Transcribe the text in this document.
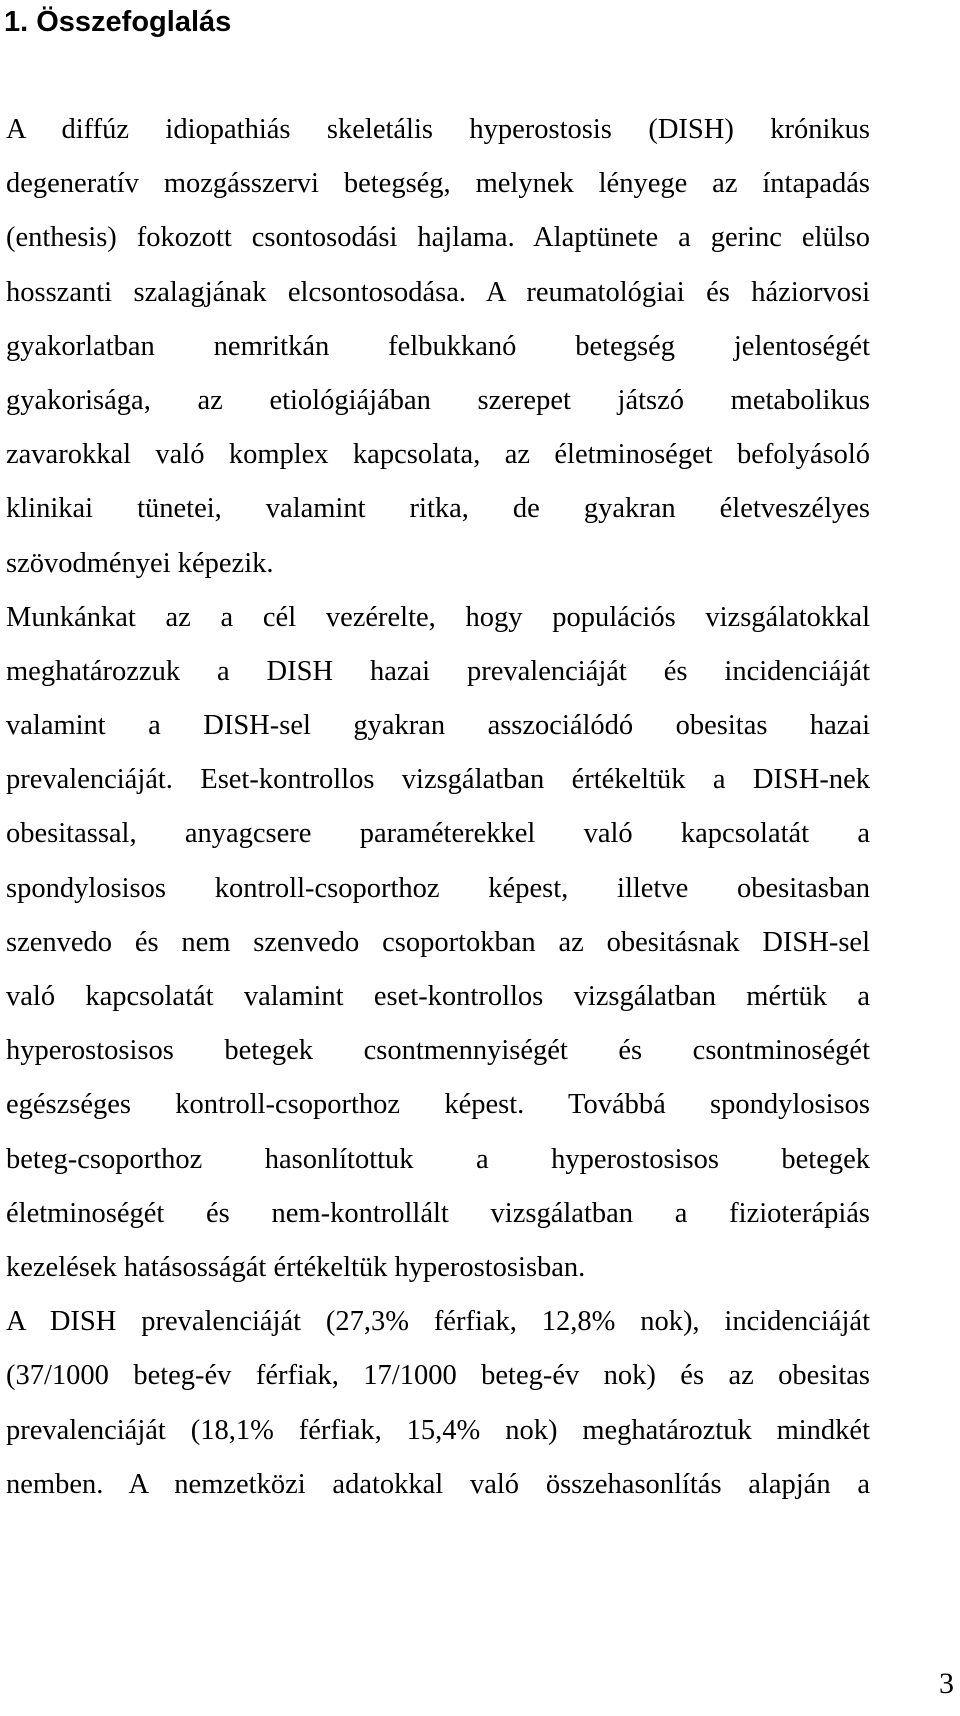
1. Összefoglalás
A diffúz idiopathiás skeletális hyperostosis (DISH) krónikus
degeneratív mozgásszervi betegség, melynek lényege az íntapadás
(enthesis) fokozott csontosodási hajlama. Alaptünete a gerinc elülso
hosszanti szalagjának elcsontosodása. A reumatológiai és háziorvosi
gyakorlatban nemritkán felbukkanó betegség jelentoségét
gyakorisága, az etiológiájában szerepet játszó metabolikus
zavarokkal való komplex kapcsolata, az életminoséget befolyásoló
klinikai tünetei, valamint ritka, de gyakran életveszélyes
szövodményei képezik.
Munkánkat az a cél vezérelte, hogy populációs vizsgálatokkal
meghatározzuk a DISH hazai prevalenciáját és incidenciáját
valamint a DISH-sel gyakran asszociálódó obesitas hazai
prevalenciáját. Eset-kontrollos vizsgálatban értékeltük a DISH-nek
obesitassal, anyagcsere paraméterekkel való kapcsolatát a
spondylosisos kontroll-csoporthoz képest, illetve obesitasban
szenvedo és nem szenvedo csoportokban az obesitásnak DISH-sel
való kapcsolatát valamint eset-kontrollos vizsgálatban mértük a
hyperostosisos betegek csontmennyiségét és csontminoségét
egészséges kontroll-csoporthoz képest. Továbbá spondylosisos
beteg-csoporthoz hasonlítottuk a hyperostosisos betegek
életminoségét és nem-kontrollált vizsgálatban a fizioterápiás
kezelések hatásosságát értékeltük hyperostosisban.
A DISH prevalenciáját (27,3% férfiak, 12,8% nok), incidenciáját
(37/1000 beteg-év férfiak, 17/1000 beteg-év nok) és az obesitas
prevalenciáját (18,1% férfiak, 15,4% nok) meghatároztuk mindkét
nemben. A nemzetközi adatokkal való összehasonlítás alapján a
3
